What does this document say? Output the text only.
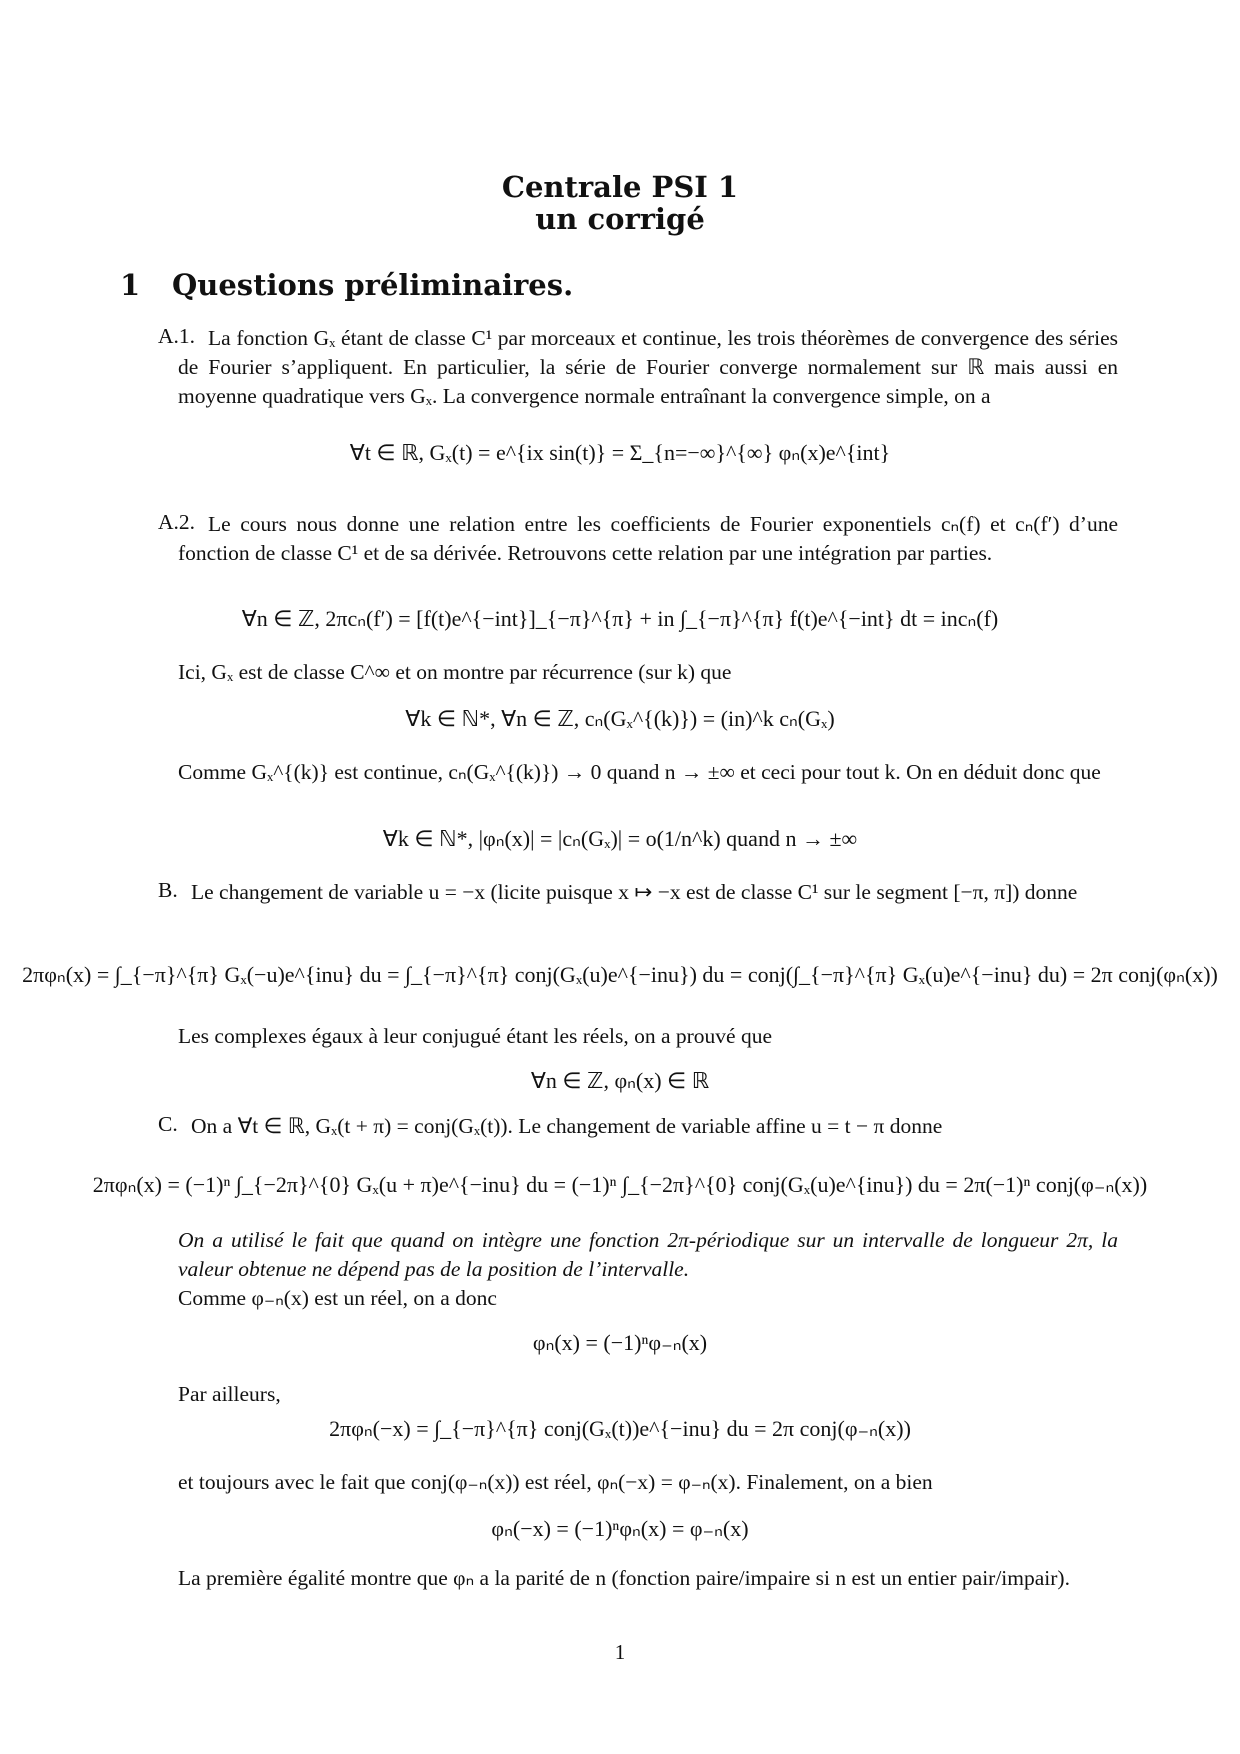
Centrale PSI 1
un corrigé
1 Questions préliminaires.
A.1. La fonction Gₓ étant de classe C¹ par morceaux et continue, les trois théorèmes de convergence des séries de Fourier s’appliquent. En particulier, la série de Fourier converge normalement sur ℝ mais aussi en moyenne quadratique vers Gₓ. La convergence normale entraînant la convergence simple, on a
∀t ∈ ℝ, Gₓ(t) = e^{ix sin(t)} = Σ_{n=−∞}^{∞} φₙ(x)e^{int}
A.2. Le cours nous donne une relation entre les coefficients de Fourier exponentiels cₙ(f) et cₙ(f′) d’une fonction de classe C¹ et de sa dérivée. Retrouvons cette relation par une intégration par parties.
∀n ∈ ℤ, 2πcₙ(f′) = [f(t)e^{−int}]_{−π}^{π} + in ∫_{−π}^{π} f(t)e^{−int} dt = incₙ(f)
Ici, Gₓ est de classe C^∞ et on montre par récurrence (sur k) que
∀k ∈ ℕ*, ∀n ∈ ℤ, cₙ(Gₓ^{(k)}) = (in)^k cₙ(Gₓ)
Comme Gₓ^{(k)} est continue, cₙ(Gₓ^{(k)}) → 0 quand n → ±∞ et ceci pour tout k. On en déduit donc que
∀k ∈ ℕ*, |φₙ(x)| = |cₙ(Gₓ)| = o(1/n^k) quand n → ±∞
B. Le changement de variable u = −x (licite puisque x ↦ −x est de classe C¹ sur le segment [−π, π]) donne
2πφₙ(x) = ∫_{−π}^{π} Gₓ(−u)e^{inu} du = ∫_{−π}^{π} conj(Gₓ(u)e^{−inu}) du = conj(∫_{−π}^{π} Gₓ(u)e^{−inu} du) = 2π conj(φₙ(x))
Les complexes égaux à leur conjugué étant les réels, on a prouvé que
∀n ∈ ℤ, φₙ(x) ∈ ℝ
C. On a ∀t ∈ ℝ, Gₓ(t + π) = conj(Gₓ(t)). Le changement de variable affine u = t − π donne
2πφₙ(x) = (−1)ⁿ ∫_{−2π}^{0} Gₓ(u + π)e^{−inu} du = (−1)ⁿ ∫_{−2π}^{0} conj(Gₓ(u)e^{inu}) du = 2π(−1)ⁿ conj(φ₋ₙ(x))
On a utilisé le fait que quand on intègre une fonction 2π-périodique sur un intervalle de longueur 2π, la valeur obtenue ne dépend pas de la position de l’intervalle.
Comme φ₋ₙ(x) est un réel, on a donc
φₙ(x) = (−1)ⁿφ₋ₙ(x)
Par ailleurs,
2πφₙ(−x) = ∫_{−π}^{π} conj(Gₓ(t))e^{−inu} du = 2π conj(φ₋ₙ(x))
et toujours avec le fait que conj(φ₋ₙ(x)) est réel, φₙ(−x) = φ₋ₙ(x). Finalement, on a bien
φₙ(−x) = (−1)ⁿφₙ(x) = φ₋ₙ(x)
La première égalité montre que φₙ a la parité de n (fonction paire/impaire si n est un entier pair/impair).
1
